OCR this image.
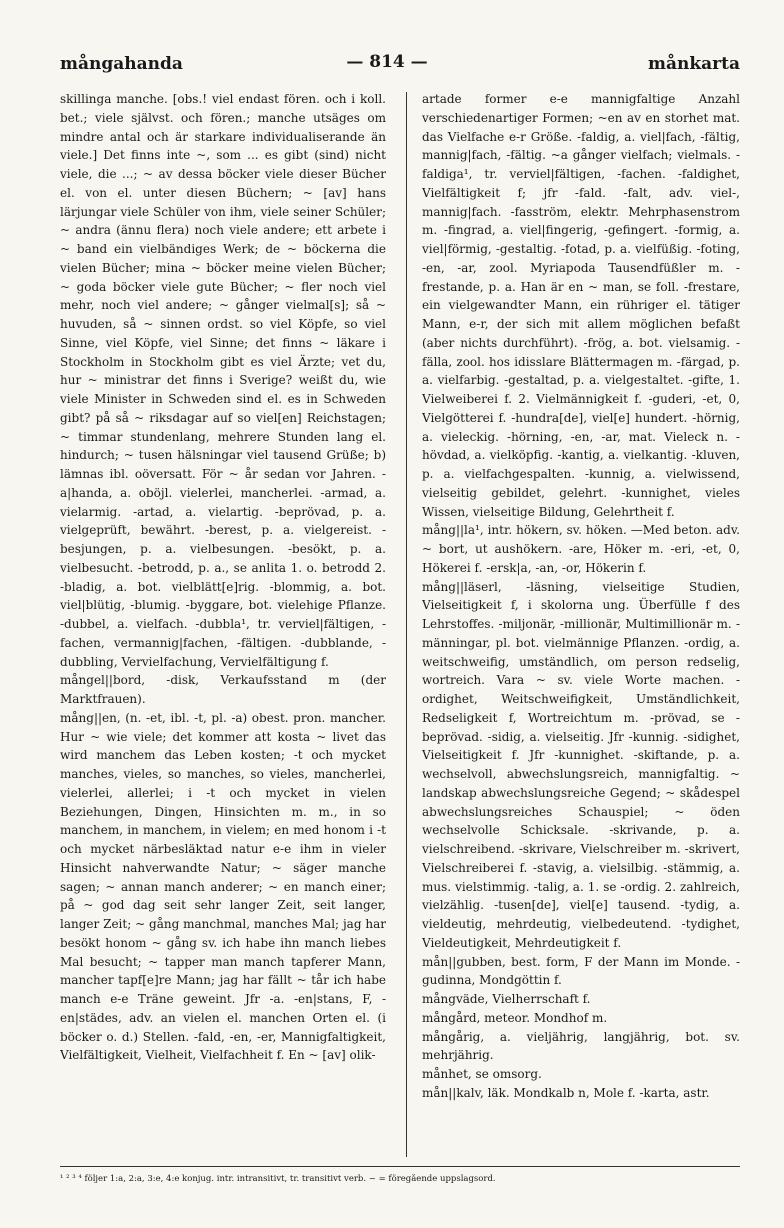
mångahanda	— 814 —	månkarta

skillinga manche. [obs.! viel endast fören. och i koll. bet.; viele självst. och fören.; manche utsäges om mindre antal och är starkare individualiserande än viele.] Det finns inte ~, som ... es gibt (sind) nicht viele, die ...; ~ av dessa böcker viele dieser Bücher el. von el. unter diesen Büchern; ~ [av] hans lärjungar viele Schüler von ihm, viele seiner Schüler; ~ andra (ännu flera) noch viele andere; ett arbete i ~ band ein vielbändiges Werk; de ~ böckerna die vielen Bücher; mina ~ böcker meine vielen Bücher; ~ goda böcker viele gute Bücher; ~ fler noch viel mehr, noch viel andere; ~ gånger vielmal[s]; så ~ huvuden, så ~ sinnen ordst. so viel Köpfe, so viel Sinne, viel Köpfe, viel Sinne; det finns ~ läkare i Stockholm in Stockholm gibt es viel Ärzte; vet du, hur ~ ministrar det finns i Sverige? weißt du, wie viele Minister in Schweden sind el. es in Schweden gibt? på så ~ riksdagar auf so viel[en] Reichstagen; ~ timmar stundenlang, mehrere Stunden lang el. hindurch; ~ tusen hälsningar viel tausend Grüße; b) lämnas ibl. oöversatt. För ~ år sedan vor Jahren. -a|handa, a. oböjl. vielerlei, mancherlei. -armad, a. vielarmig. -artad, a. vielartig. -beprövad, p. a. vielgeprüft, bewährt. -berest, p. a. vielgereist. -besjungen, p. a. vielbesungen. -besökt, p. a. vielbesucht. -betrodd, p. a., se anlita 1. o. betrodd 2. -bladig, a. bot. vielblätt[e]rig. -blommig, a. bot. viel|blütig, -blumig. -byggare, bot. vielehige Pflanze. -dubbel, a. vielfach. -dubbla¹, tr. verviel|fältigen, -fachen, vermannig|fachen, -fältigen. -dubblande, -dubbling, Vervielfachung, Vervielfältigung f.

mångel||bord, -disk, Verkaufsstand m (der Marktfrauen).

mång||en, (n. -et, ibl. -t, pl. -a) obest. pron. mancher. Hur ~ wie viele; det kommer att kosta ~ livet das wird manchem das Leben kosten; -t och mycket manches, vieles, so manches, so vieles, mancherlei, vielerlei, allerlei; i -t och mycket in vielen Beziehungen, Dingen, Hinsichten m. m., in so manchem, in manchem, in vielem; en med honom i -t och mycket närbesläktad natur e-e ihm in vieler Hinsicht nahverwandte Natur; ~ säger manche sagen; ~ annan manch anderer; ~ en manch einer; på ~ god dag seit sehr langer Zeit, seit langer, langer Zeit; ~ gång manchmal, manches Mal; jag har besökt honom ~ gång sv. ich habe ihn manch liebes Mal besucht; ~ tapper man manch tapferer Mann, mancher tapf[e]re Mann; jag har fällt ~ tår ich habe manch e-e Träne geweint. Jfr -a. -en|stans, F, -en|städes, adv. an vielen el. manchen Orten el. (i böcker o. d.) Stellen. -fald, -en, -er, Mannigfaltigkeit, Vielfältigkeit, Vielheit, Vielfachheit f. En ~ [av] olik-

artade former e-e mannigfaltige Anzahl verschiedenartiger Formen; ~en av en storhet mat. das Vielfache e-r Größe. -faldig, a. viel|fach, -fältig, mannig|fach, -fältig. ~a gånger vielfach; vielmals. -faldiga¹, tr. verviel|fältigen, -fachen. -faldighet, Vielfältigkeit f; jfr -fald. -falt, adv. viel-, mannig|fach. -fasström, elektr. Mehrphasenstrom m. -fingrad, a. viel|fingerig, -gefingert. -formig, a. viel|förmig, -gestaltig. -fotad, p. a. vielfüßig. -foting, -en, -ar, zool. Myriapoda Tausendfüßler m. -frestande, p. a. Han är en ~ man, se foll. -frestare, ein vielgewandter Mann, ein rühriger el. tätiger Mann, e-r, der sich mit allem möglichen befaßt (aber nichts durchführt). -frög, a. bot. vielsamig. -fälla, zool. hos idisslare Blättermagen m. -färgad, p. a. vielfarbig. -gestaltad, p. a. vielgestaltet. -gifte, 1. Vielweiberei f. 2. Vielmännigkeit f. -guderi, -et, 0, Vielgötterei f. -hundra[de], viel[e] hundert. -hörnig, a. vieleckig. -hörning, -en, -ar, mat. Vieleck n. -hövdad, a. vielköpfig. -kantig, a. vielkantig. -kluven, p. a. vielfachgespalten. -kunnig, a. vielwissend, vielseitig gebildet, gelehrt. -kunnighet, vieles Wissen, vielseitige Bildung, Gelehrtheit f.

mång||la¹, intr. hökern, sv. höken. —Med beton. adv. ~ bort, ut aushökern. -are, Höker m. -eri, -et, 0, Hökerei f. -ersk|a, -an, -or, Hökerin f.

mång||läserl, -läsning, vielseitige Studien, Vielseitigkeit f, i skolorna ung. Überfülle f des Lehrstoffes. -miljonär, -millionär, Multimillionär m. -männingar, pl. bot. vielmännige Pflanzen. -ordig, a. weitschweifig, umständlich, om person redselig, wortreich. Vara ~ sv. viele Worte machen. -ordighet, Weitschweifigkeit, Umständlichkeit, Redseligkeit f, Wortreichtum m. -prövad, se -beprövad. -sidig, a. vielseitig. Jfr -kunnig. -sidighet, Vielseitigkeit f. Jfr -kunnighet. -skiftande, p. a. wechselvoll, abwechslungsreich, mannigfaltig. ~ landskap abwechslungsreiche Gegend; ~ skådespel abwechslungsreiches Schauspiel; ~ öden wechselvolle Schicksale. -skrivande, p. a. vielschreibend. -skrivare, Vielschreiber m. -skrivert, Vielschreiberei f. -stavig, a. vielsilbig. -stämmig, a. mus. vielstimmig. -talig, a. 1. se -ordig. 2. zahlreich, vielzählig. -tusen[de], viel[e] tausend. -tydig, a. vieldeutig, mehrdeutig, vielbedeutend. -tydighet, Vieldeutigkeit, Mehrdeutigkeit f.

mån||gubben, best. form, F der Mann im Monde. -gudinna, Mondgöttin f.

mångväde, Vielherrschaft f.

mångård, meteor. Mondhof m.

mångårig, a. vieljährig, langjährig, bot. sv. mehrjährig.

månhet, se omsorg.

mån||kalv, läk. Mondkalb n, Mole f. -karta, astr.

¹ ² ³ ⁴ följer 1:a, 2:a, 3:e, 4:e konjug. intr. intransitivt, tr. transitivt verb. ~ = föregående uppslagsord.
